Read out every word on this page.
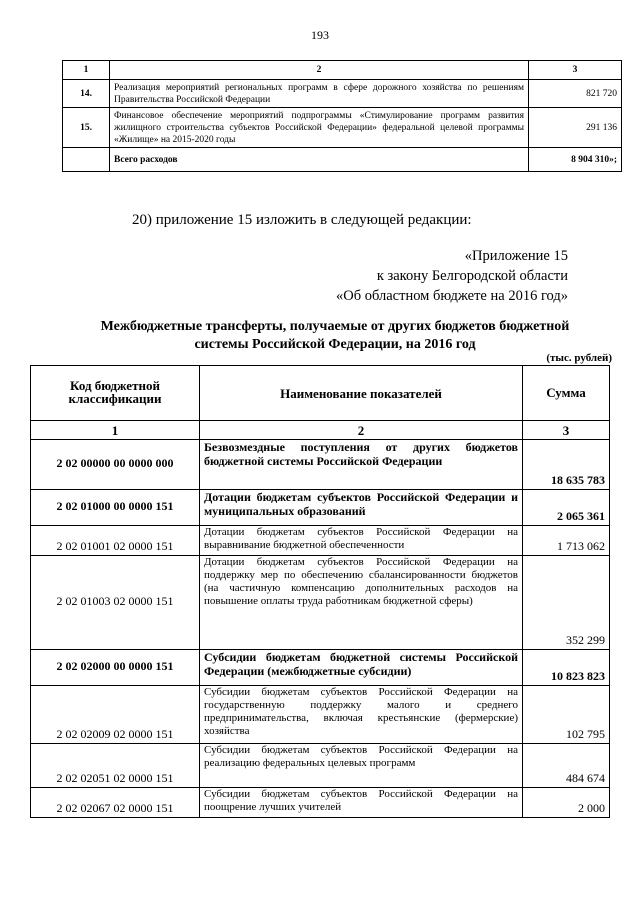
193
1	2	3
14.	Реализация мероприятий региональных программ в сфере дорожного хозяйства по решениям Правительства Российской Федерации	821 720
15.	Финансовое обеспечение мероприятий подпрограммы «Стимулирование программ развития жилищного строительства субъектов Российской Федерации» федеральной целевой программы «Жилище» на 2015-2020 годы	291 136
	Всего расходов	8 904 310»;
20) приложение 15 изложить в следующей редакции:
«Приложение 15
к закону Белгородской области
«Об областном бюджете на 2016 год»
Межбюджетные трансферты, получаемые от других бюджетов бюджетной
системы Российской Федерации, на 2016 год
(тыс. рублей)
Код бюджетной классификации	Наименование показателей	Сумма
1	2	3
2 02 00000 00 0000 000	Безвозмездные поступления от других бюджетов бюджетной системы Российской Федерации	18 635 783
2 02 01000 00 0000 151	Дотации бюджетам субъектов Российской Федерации и муниципальных образований	2 065 361
2 02 01001 02 0000 151	Дотации бюджетам субъектов Российской Федерации на выравнивание бюджетной обеспеченности	1 713 062
2 02 01003 02 0000 151	Дотации бюджетам субъектов Российской Федерации на поддержку мер по обеспечению сбалансированности бюджетов (на частичную компенсацию дополнительных расходов на повышение оплаты труда работникам бюджетной сферы)	352 299
2 02 02000 00 0000 151	Субсидии бюджетам бюджетной системы Российской Федерации (межбюджетные субсидии)	10 823 823
2 02 02009 02 0000 151	Субсидии бюджетам субъектов Российской Федерации на государственную поддержку малого и среднего предпринимательства, включая крестьянские (фермерские) хозяйства	102 795
2 02 02051 02 0000 151	Субсидии бюджетам субъектов Российской Федерации на реализацию федеральных целевых программ	484 674
2 02 02067 02 0000 151	Субсидии бюджетам субъектов Российской Федерации на поощрение лучших учителей	2 000
